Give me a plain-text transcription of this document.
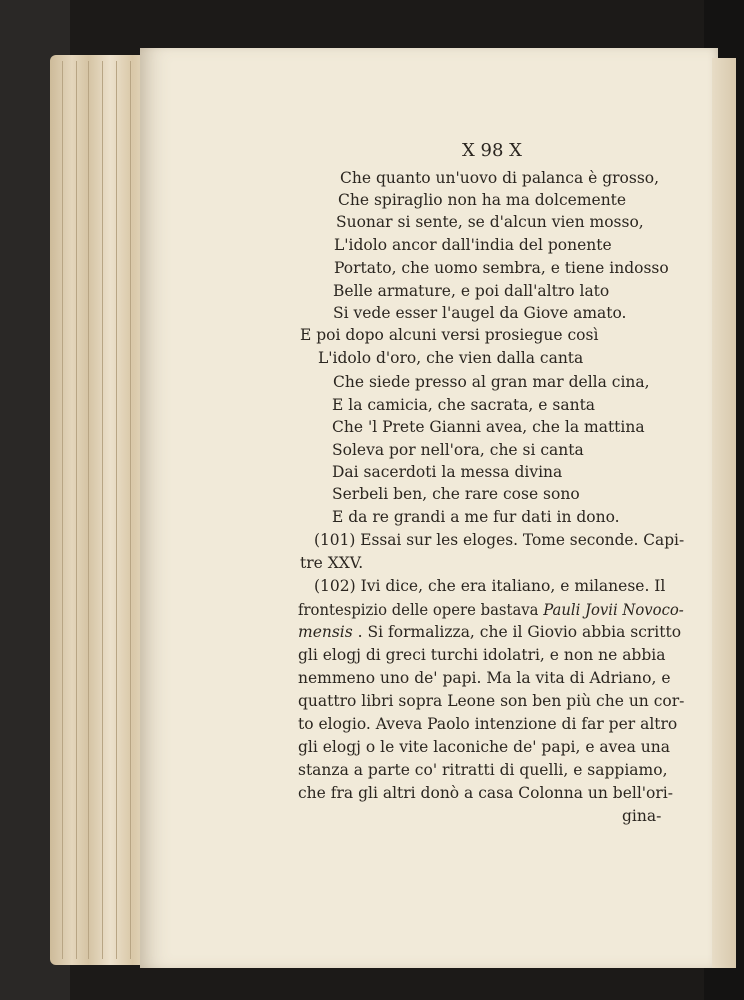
X 98 X
Che quanto un'uovo di palanca è grosso,
Che spiraglio non ha ma dolcemente
Suonar si sente, se d'alcun vien mosso,
L'idolo ancor dall'india del ponente
Portato, che uomo sembra, e tiene indosso
Belle armature, e poi dall'altro lato
Si vede esser l'augel da Giove amato.
E poi dopo alcuni versi prosiegue così
L'idolo d'oro, che vien dalla canta
Che siede presso al gran mar della cina,
E la camicia, che sacrata, e santa
Che 'l Prete Gianni avea, che la mattina
Soleva por nell'ora, che si canta
Dai sacerdoti la messa divina
Serbeli ben, che rare cose sono
E da re grandi a me fur dati in dono.
(101) Essai sur les eloges. Tome seconde. Capi-
tre XXV.
(102) Ivi dice, che era italiano, e milanese. Il
frontespizio delle opere bastava Pauli Jovii Novoco-
mensis . Si formalizza, che il Giovio abbia scritto
gli elogj di greci turchi idolatri, e non ne abbia
nemmeno uno de' papi. Ma la vita di Adriano, e
quattro libri sopra Leone son ben più che un cor-
to elogio. Aveva Paolo intenzione di far per altro
gli elogj o le vite laconiche de' papi, e avea una
stanza a parte co' ritratti di quelli, e sappiamo,
che fra gli altri donò a casa Colonna un bell'ori-
gina-
